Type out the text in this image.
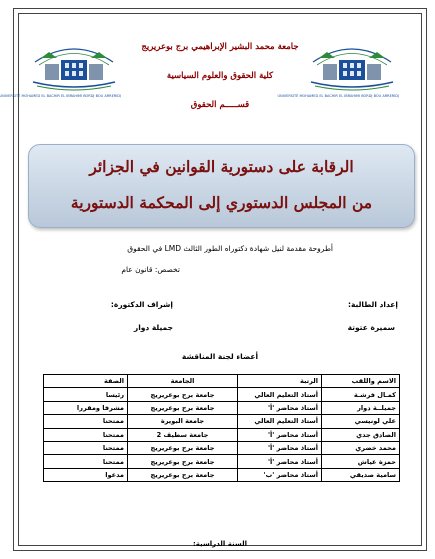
UNIVERSITÉ MOHAMED EL BACHIR EL IBRAHIMI BORDJ BOU ARRERIDJ	UNIVERSITÉ MOHAMED EL BACHIR EL IBRAHIMI BORDJ BOU ARRERIDJ
جامعة محمد البشير الإبراهيمي برج بوعريريج
كلية الحقوق والعلوم السياسية
قســـــم الحقوق
الرقابة على دستورية القوانين في الجزائر
من المجلس الدستوري إلى المحكمة الدستورية
أطروحة مقدمة لنيل شهادة دكتوراه الطور الثالث LMD في الحقوق
تخصص: قانون عام
إعداد الطالبة:
سميرة عتوتة
إشراف الدكتورة:
جميلة دوار
أعضاء لجنة المناقشة
الاسم واللقب	الرتبة	الجامعة	الصفة
كمـال فرشـة	أستاذ التعليم العالي	جامعة برج بوعريريج	رئيسا
جميلــة دوار	أستاذ محاضر 'أ'	جامعة برج بوعريريج	مشرفا ومقررا
علي لونيسي	أستاذ التعليم العالي	جامعة البويرة	ممتحنا
الصادق جدي	أستاذ محاضر 'أ'	جامعة سطيف 2	ممتحنا
محمد خضري	أستاذ محاضر 'أ'	جامعة برج بوعريريج	ممتحنا
حمزة عياش	أستاذ محاضر 'أ'	جامعة برج بوعريريج	ممتحنا
سامية صديقي	أستاذ محاضر 'ب'	جامعة برج بوعريريج	مدعوا
السنة الدراسية:
